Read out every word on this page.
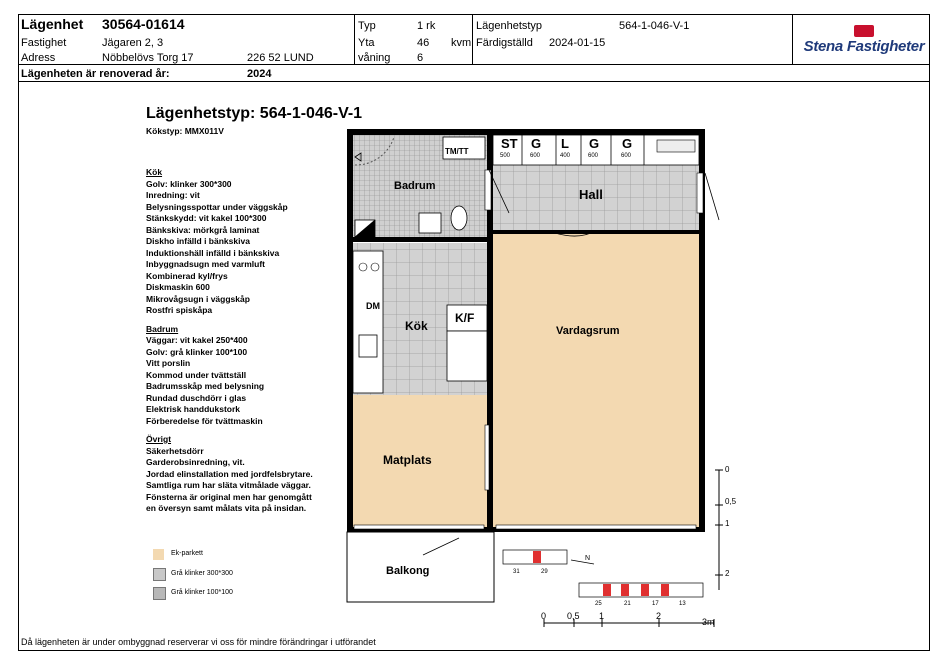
Lägenhet 30564-01614
Fastighet	Jägaren 2, 3
Adress	Nöbbelövs Torg 17	226 52 LUND
Typ	1 rk
Yta	46 kvm
våning 6
Lägenhetstyp	564-1-046-V-1
Färdigställd 2024-01-15	Stena Fastigheter
Lägenheten är renoverad år:	2024
Lägenhetstyp: 564-1-046-V-1
Kökstyp: MMX011V
Kök
Golv: klinker 300*300
Inredning: vit
Belysningsspottar under väggskåp
Stänkskydd: vit kakel 100*300
Bänkskiva: mörkgrå laminat
Diskho infälld i bänkskiva
Induktionshäll infälld i bänkskiva
Inbyggnadsugn med varmluft
Kombinerad kyl/frys
Diskmaskin 600
Mikrovågsugn i väggskåp
Rostfri spiskåpa
Badrum
Väggar: vit kakel 250*400
Golv: grå klinker 100*100
Vitt porslin
Kommod under tvättställ
Badrumsskåp med belysning
Rundad duschdörr i glas
Elektrisk handdukstork
Förberedelse för tvättmaskin
Övrigt
Säkerhetsdörr
Garderobsinredning, vit.
Jordad elinstallation med jordfelsbrytare.
Samtliga rum har släta vitmålade väggar.
Fönsterna är original men har genomgått
en översyn samt målats vita på insidan.
Badrum
Hall
Kök
K/F
DM
TM/TT
Vardagsrum
Matplats
Balkong
ST
500
G
600
L
400
G
600
G
600
Ek-parkett
Grå klinker 300*300
Grå klinker 100*100
0
0,5
1
2
0 0,5 1	2
3m
N
31	29
25	21	17	13
Då lägenheten är under ombyggnad reserverar vi oss för mindre förändringar i utförandet
